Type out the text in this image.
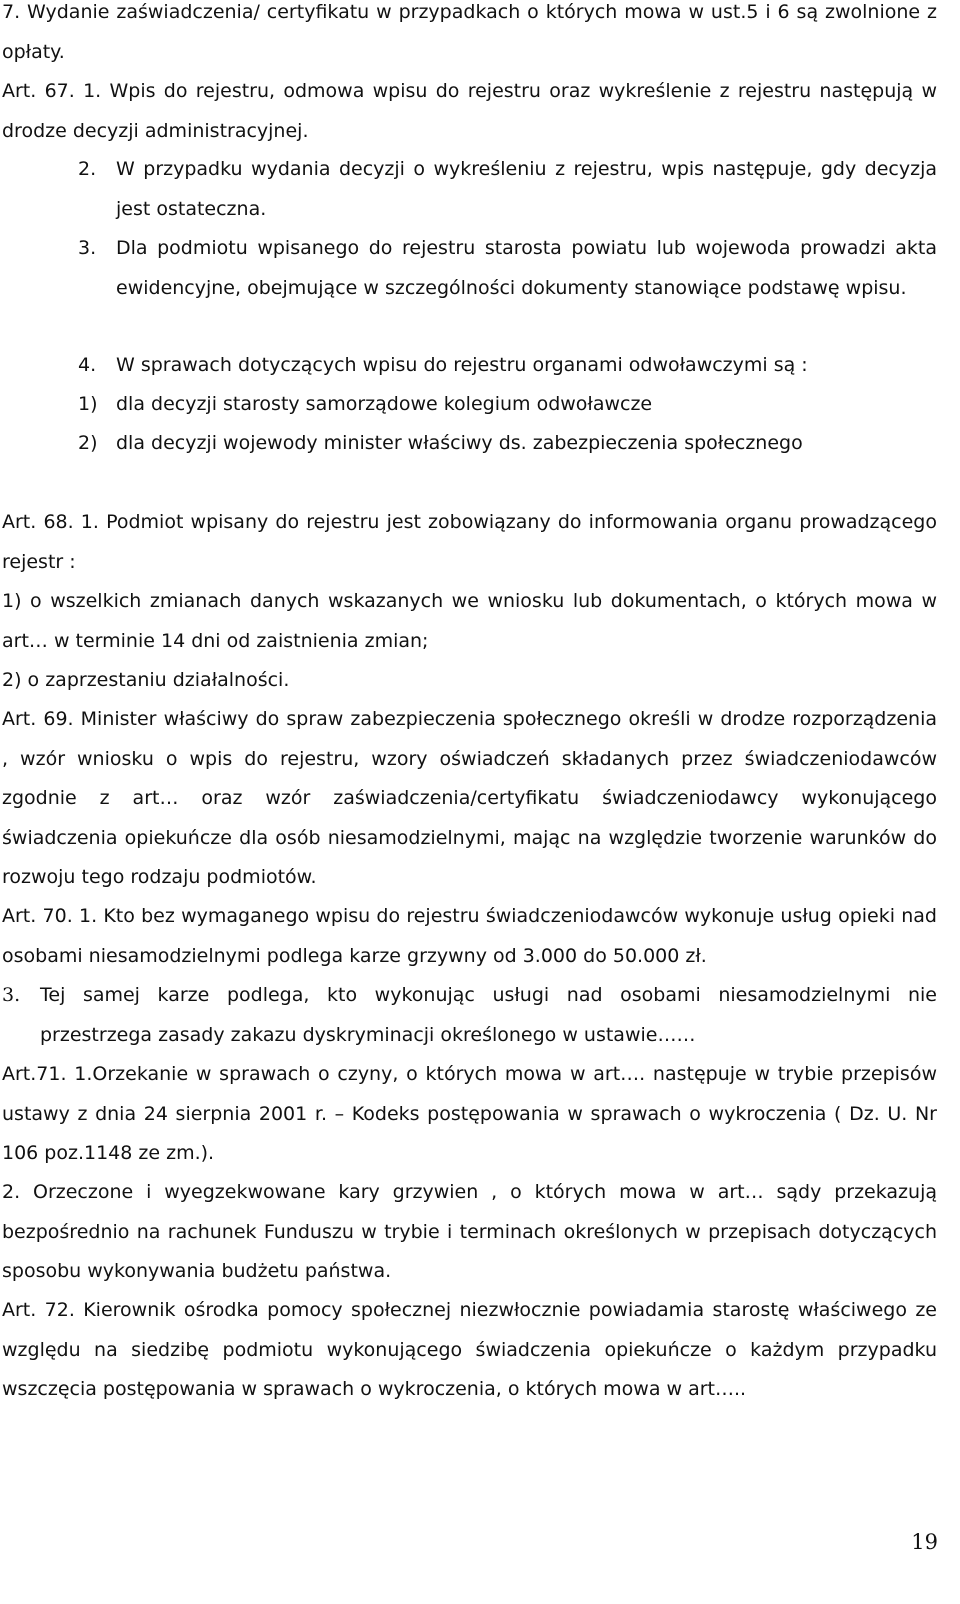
7. Wydanie zaświadczenia/ certyfikatu w przypadkach o których mowa w ust.5 i 6 są zwolnione z opłaty.

Art. 67. 1. Wpis do rejestru, odmowa wpisu do rejestru oraz wykreślenie z rejestru następują w drodze decyzji administracyjnej.

2. W przypadku wydania decyzji o wykreśleniu z rejestru, wpis następuje, gdy decyzja jest ostateczna.
3. Dla podmiotu wpisanego do rejestru starosta powiatu lub wojewoda prowadzi akta ewidencyjne, obejmujące w szczególności dokumenty stanowiące podstawę wpisu.
4. W sprawach dotyczących wpisu do rejestru organami odwoławczymi są :
1) dla decyzji starosty samorządowe kolegium odwoławcze
2) dla decyzji wojewody minister właściwy ds. zabezpieczenia społecznego

Art. 68. 1. Podmiot wpisany do rejestru jest zobowiązany do informowania organu prowadzącego rejestr :

1) o wszelkich zmianach danych wskazanych we wniosku lub dokumentach, o których mowa w art… w terminie 14 dni od zaistnienia zmian;

2) o zaprzestaniu działalności.

Art. 69. Minister właściwy do spraw zabezpieczenia społecznego określi w drodze rozporządzenia , wzór wniosku o wpis do rejestru, wzory oświadczeń składanych przez świadczeniodawców zgodnie z art… oraz wzór zaświadczenia/certyfikatu świadczeniodawcy wykonującego świadczenia opiekuńcze dla osób niesamodzielnymi, mając na względzie tworzenie warunków do rozwoju tego rodzaju podmiotów.

Art. 70. 1. Kto bez wymaganego wpisu do rejestru świadczeniodawców wykonuje usług opieki nad osobami niesamodzielnymi podlega karze grzywny od 3.000 do 50.000 zł.

3. Tej samej karze podlega, kto wykonując usługi nad osobami niesamodzielnymi nie przestrzega zasady zakazu dyskryminacji określonego w ustawie……

Art.71. 1.Orzekanie w sprawach o czyny, o których mowa w art…. następuje w trybie przepisów ustawy z dnia 24 sierpnia 2001 r. – Kodeks postępowania w sprawach o wykroczenia ( Dz. U. Nr 106 poz.1148 ze zm.).

2. Orzeczone i wyegzekwowane kary grzywien , o których mowa w art… sądy przekazują bezpośrednio na rachunek Funduszu w trybie i terminach określonych w przepisach dotyczących sposobu wykonywania budżetu państwa.

Art. 72. Kierownik ośrodka pomocy społecznej niezwłocznie powiadamia starostę właściwego ze względu na siedzibę podmiotu wykonującego świadczenia opiekuńcze o każdym przypadku wszczęcia postępowania w sprawach o wykroczenia, o których mowa w art…..

19
